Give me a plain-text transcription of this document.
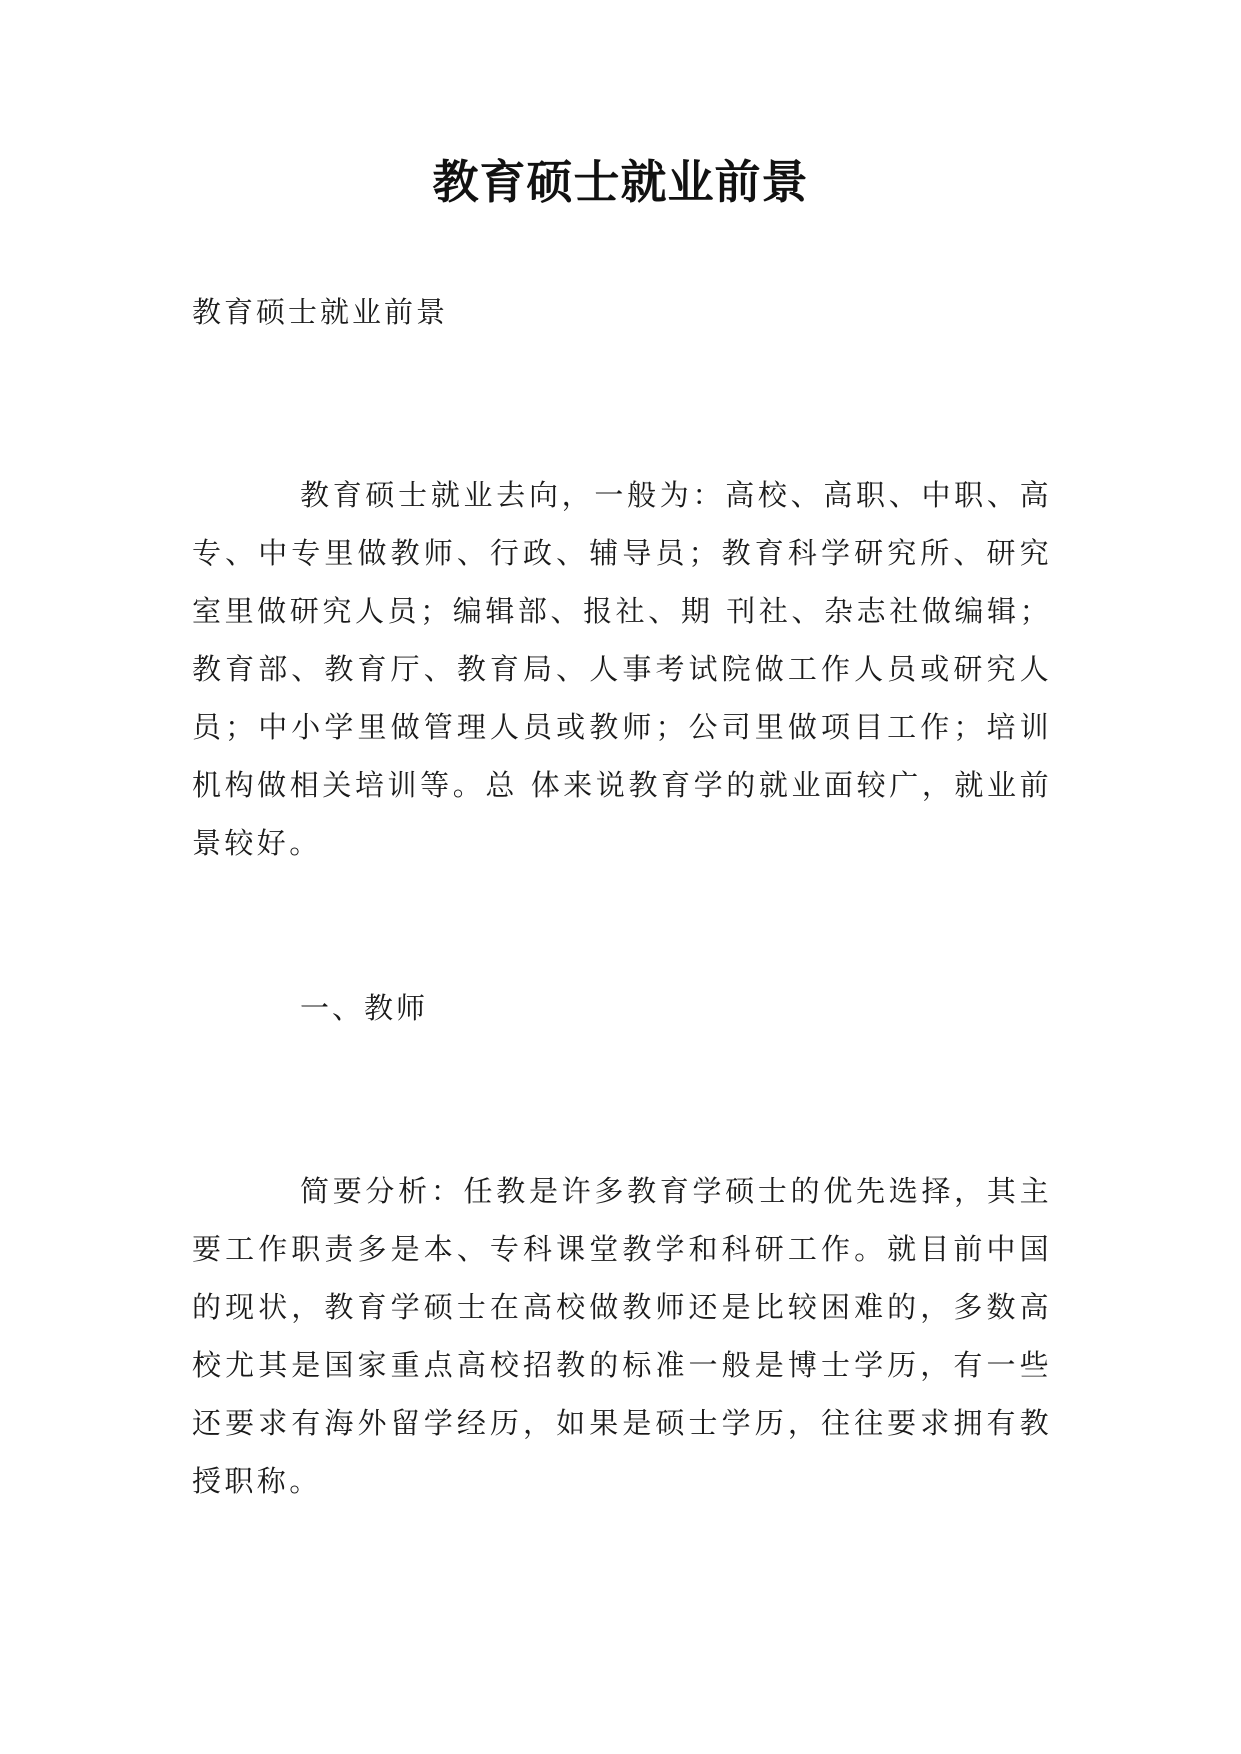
教育硕士就业前景

教育硕士就业前景

教育硕士就业去向，一般为：高校、高职、中职、高专、中专里做教师、行政、辅导员；教育科学研究所、研究室里做研究人员；编辑部、报社、期 刊社、杂志社做编辑；教育部、教育厅、教育局、人事考试院做工作人员或研究人员；中小学里做管理人员或教师；公司里做项目工作；培训机构做相关培训等。总 体来说教育学的就业面较广，就业前景较好。

一、教师

简要分析：任教是许多教育学硕士的优先选择，其主要工作职责多是本、专科课堂教学和科研工作。就目前中国的现状，教育学硕士在高校做教师还是比较困难的，多数高校尤其是国家重点高校招教的标准一般是博士学历，有一些还要求有海外留学经历，如果是硕士学历，往往要求拥有教授职称。
